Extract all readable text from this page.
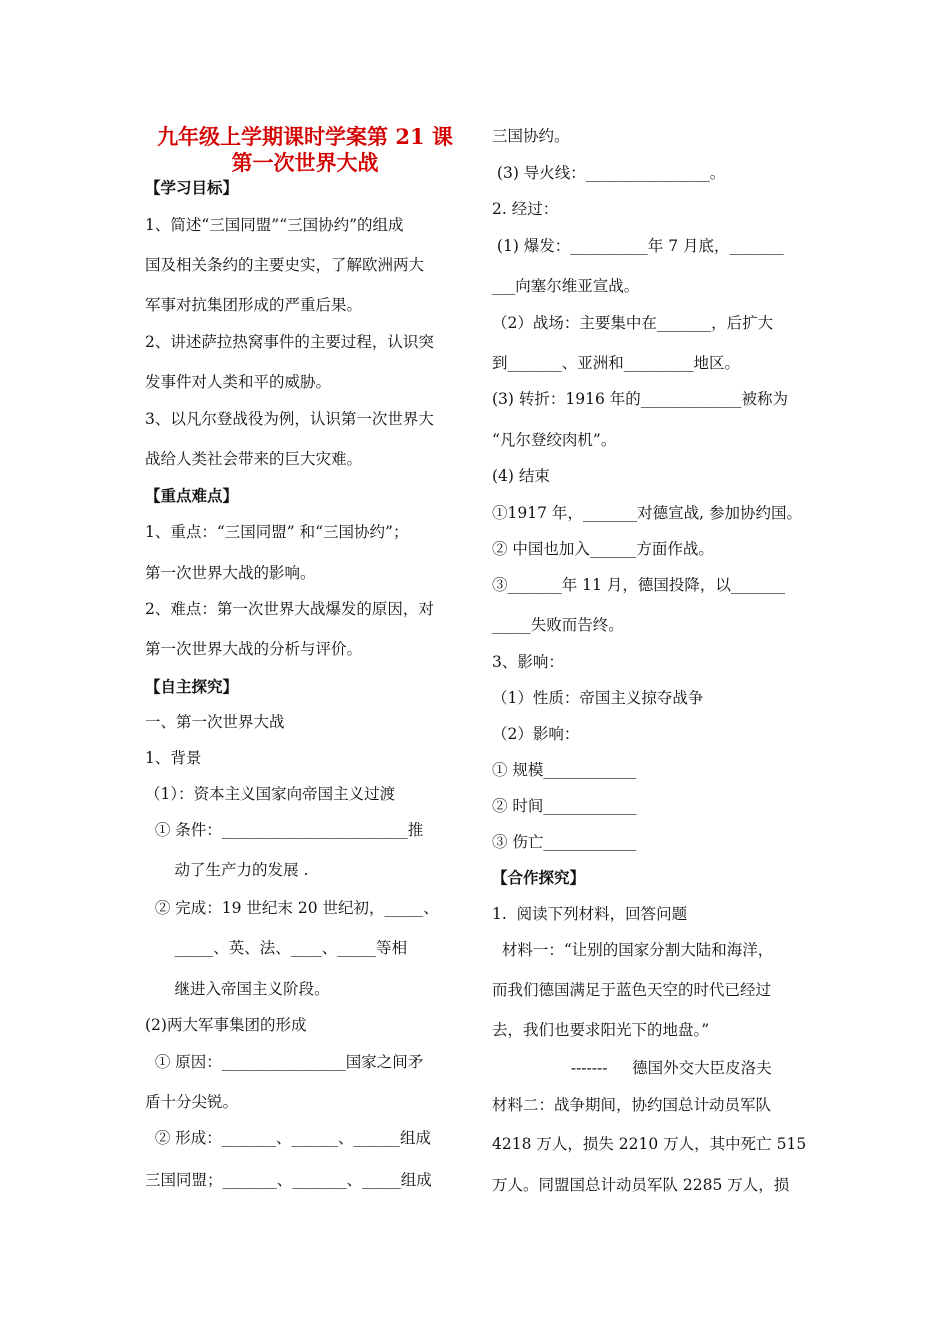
九年级上学期课时学案第 21 课
第一次世界大战
【学习目标】
1、简述“三国同盟”“三国协约”的组成
国及相关条约的主要史实，了解欧洲两大
军事对抗集团形成的严重后果。
2、讲述萨拉热窝事件的主要过程，认识突
发事件对人类和平的威胁。
3、以凡尔登战役为例，认识第一次世界大
战给人类社会带来的巨大灾难。
【重点难点】
1、重点：“三国同盟” 和“三国协约”；
第一次世界大战的影响。
2、难点：第一次世界大战爆发的原因，对
第一次世界大战的分析与评价。
【自主探究】
一、第一次世界大战
1、背景
（1）：资本主义国家向帝国主义过渡
① 条件：________________________推
动了生产力的发展 .
② 完成：19 世纪末 20 世纪初，_____、
_____、英、法、____、_____等相
继进入帝国主义阶段。
(2)两大军事集团的形成
① 原因：________________国家之间矛
盾十分尖锐。
② 形成：_______、______、______组成
三国同盟；_______、_______、_____组成
三国协约。
(3) 导火线：________________。
2. 经过：
(1) 爆发：__________年 7 月底，_______
___向塞尔维亚宣战。
（2）战场：主要集中在_______，后扩大
到_______、亚洲和_________地区。
(3) 转折：1916 年的_____________被称为
“凡尔登绞肉机”。
(4) 结束
①1917 年，_______对德宣战, 参加协约国。
② 中国也加入______方面作战。
③_______年 11 月，德国投降，以_______
_____失败而告终。
3、影响：
（1）性质：帝国主义掠夺战争
（2）影响：
① 规模____________
② 时间____________
③ 伤亡____________
【合作探究】
1.  阅读下列材料，回答问题
材料一：“让别的国家分割大陆和海洋，
而我们德国满足于蓝色天空的时代已经过
去，我们也要求阳光下的地盘。”
-------     德国外交大臣皮洛夫
材料二：战争期间，协约国总计动员军队
4218 万人，损失 2210 万人，其中死亡 515
万人。同盟国总计动员军队 2285 万人，损
